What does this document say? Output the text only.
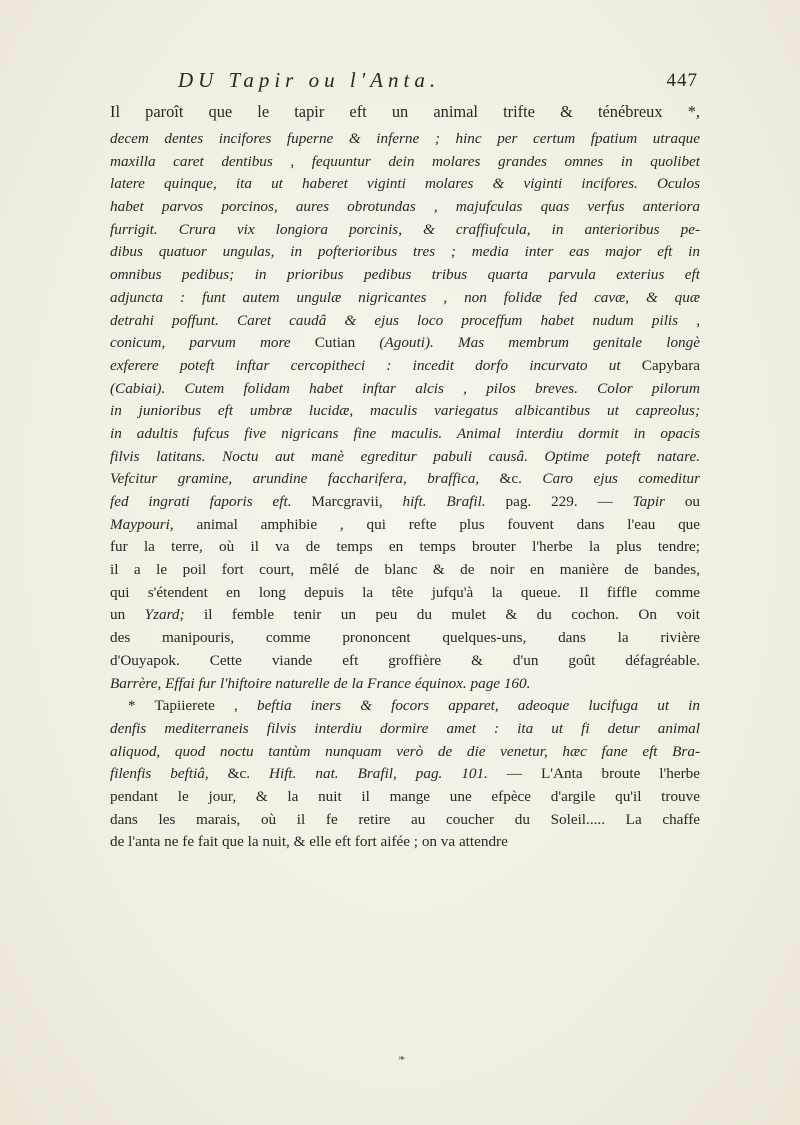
DU Tapir ou l'Anta.	447
Il paroît que le tapir eft un animal trifte & ténébreux *,
decem dentes incifores fuperne & inferne ; hinc per certum fpatium utraque
maxilla caret dentibus , fequuntur dein molares grandes omnes in quolibet
latere quinque, ita ut haberet viginti molares & viginti incifores. Oculos
habet parvos porcinos, aures obrotundas , majufculas quas verfus anteriora
furrigit. Crura vix longiora porcinis, & craffiufcula, in anterioribus pe-
dibus quatuor ungulas, in pofterioribus tres ; media inter eas major eft in
omnibus pedibus; in prioribus pedibus tribus quarta parvula exterius eft
adjuncta : funt autem ungulæ nigricantes , non folidæ fed cavæ, & quæ
detrahi poffunt. Caret caudâ & ejus loco proceffum habet nudum pilis ,
conicum, parvum more Cutian (Agouti). Mas membrum genitale longè
exferere poteft inftar cercopitheci : incedit dorfo incurvato ut Capybara
(Cabiai). Cutem folidam habet inftar alcis , pilos breves. Color pilorum
in junioribus eft umbræ lucidæ, maculis variegatus albicantibus ut capreolus;
in adultis fufcus five nigricans fine maculis. Animal interdiu dormit in opacis
filvis latitans. Noctu aut manè egreditur pabuli causâ. Optime poteft natare.
Vefcitur gramine, arundine faccharifera, braffica, &c. Caro ejus comeditur
fed ingrati faporis eft. Marcgravii, hift. Brafil. pag. 229. — Tapir ou
Maypouri, animal amphibie , qui refte plus fouvent dans l'eau que
fur la terre, où il va de temps en temps brouter l'herbe la plus tendre;
il a le poil fort court, mêlé de blanc & de noir en manière de bandes,
qui s'étendent en long depuis la tête jufqu'à la queue. Il fiffle comme
un Yzard; il femble tenir un peu du mulet & du cochon. On voit
des manipouris, comme prononcent quelques-uns, dans la rivière
d'Ouyapok. Cette viande eft groffière & d'un goût défagréable.
Barrère, Effai fur l'hiftoire naturelle de la France équinox. page 160.
* Tapiierete , beftia iners & focors apparet, adeoque lucifuga ut in
denfis mediterraneis filvis interdiu dormire amet : ita ut fi detur animal
aliquod, quod noctu tantùm nunquam verò de die venetur, hæc fane eft Bra-
filenfis beftiâ, &c. Hift. nat. Brafil, pag. 101. — L'Anta broute l'herbe
pendant le jour, & la nuit il mange une efpèce d'argile qu'il trouve
dans les marais, où il fe retire au coucher du Soleil..... La chaffe
de l'anta ne fe fait que la nuit, & elle eft fort aifée ; on va attendre
❧
